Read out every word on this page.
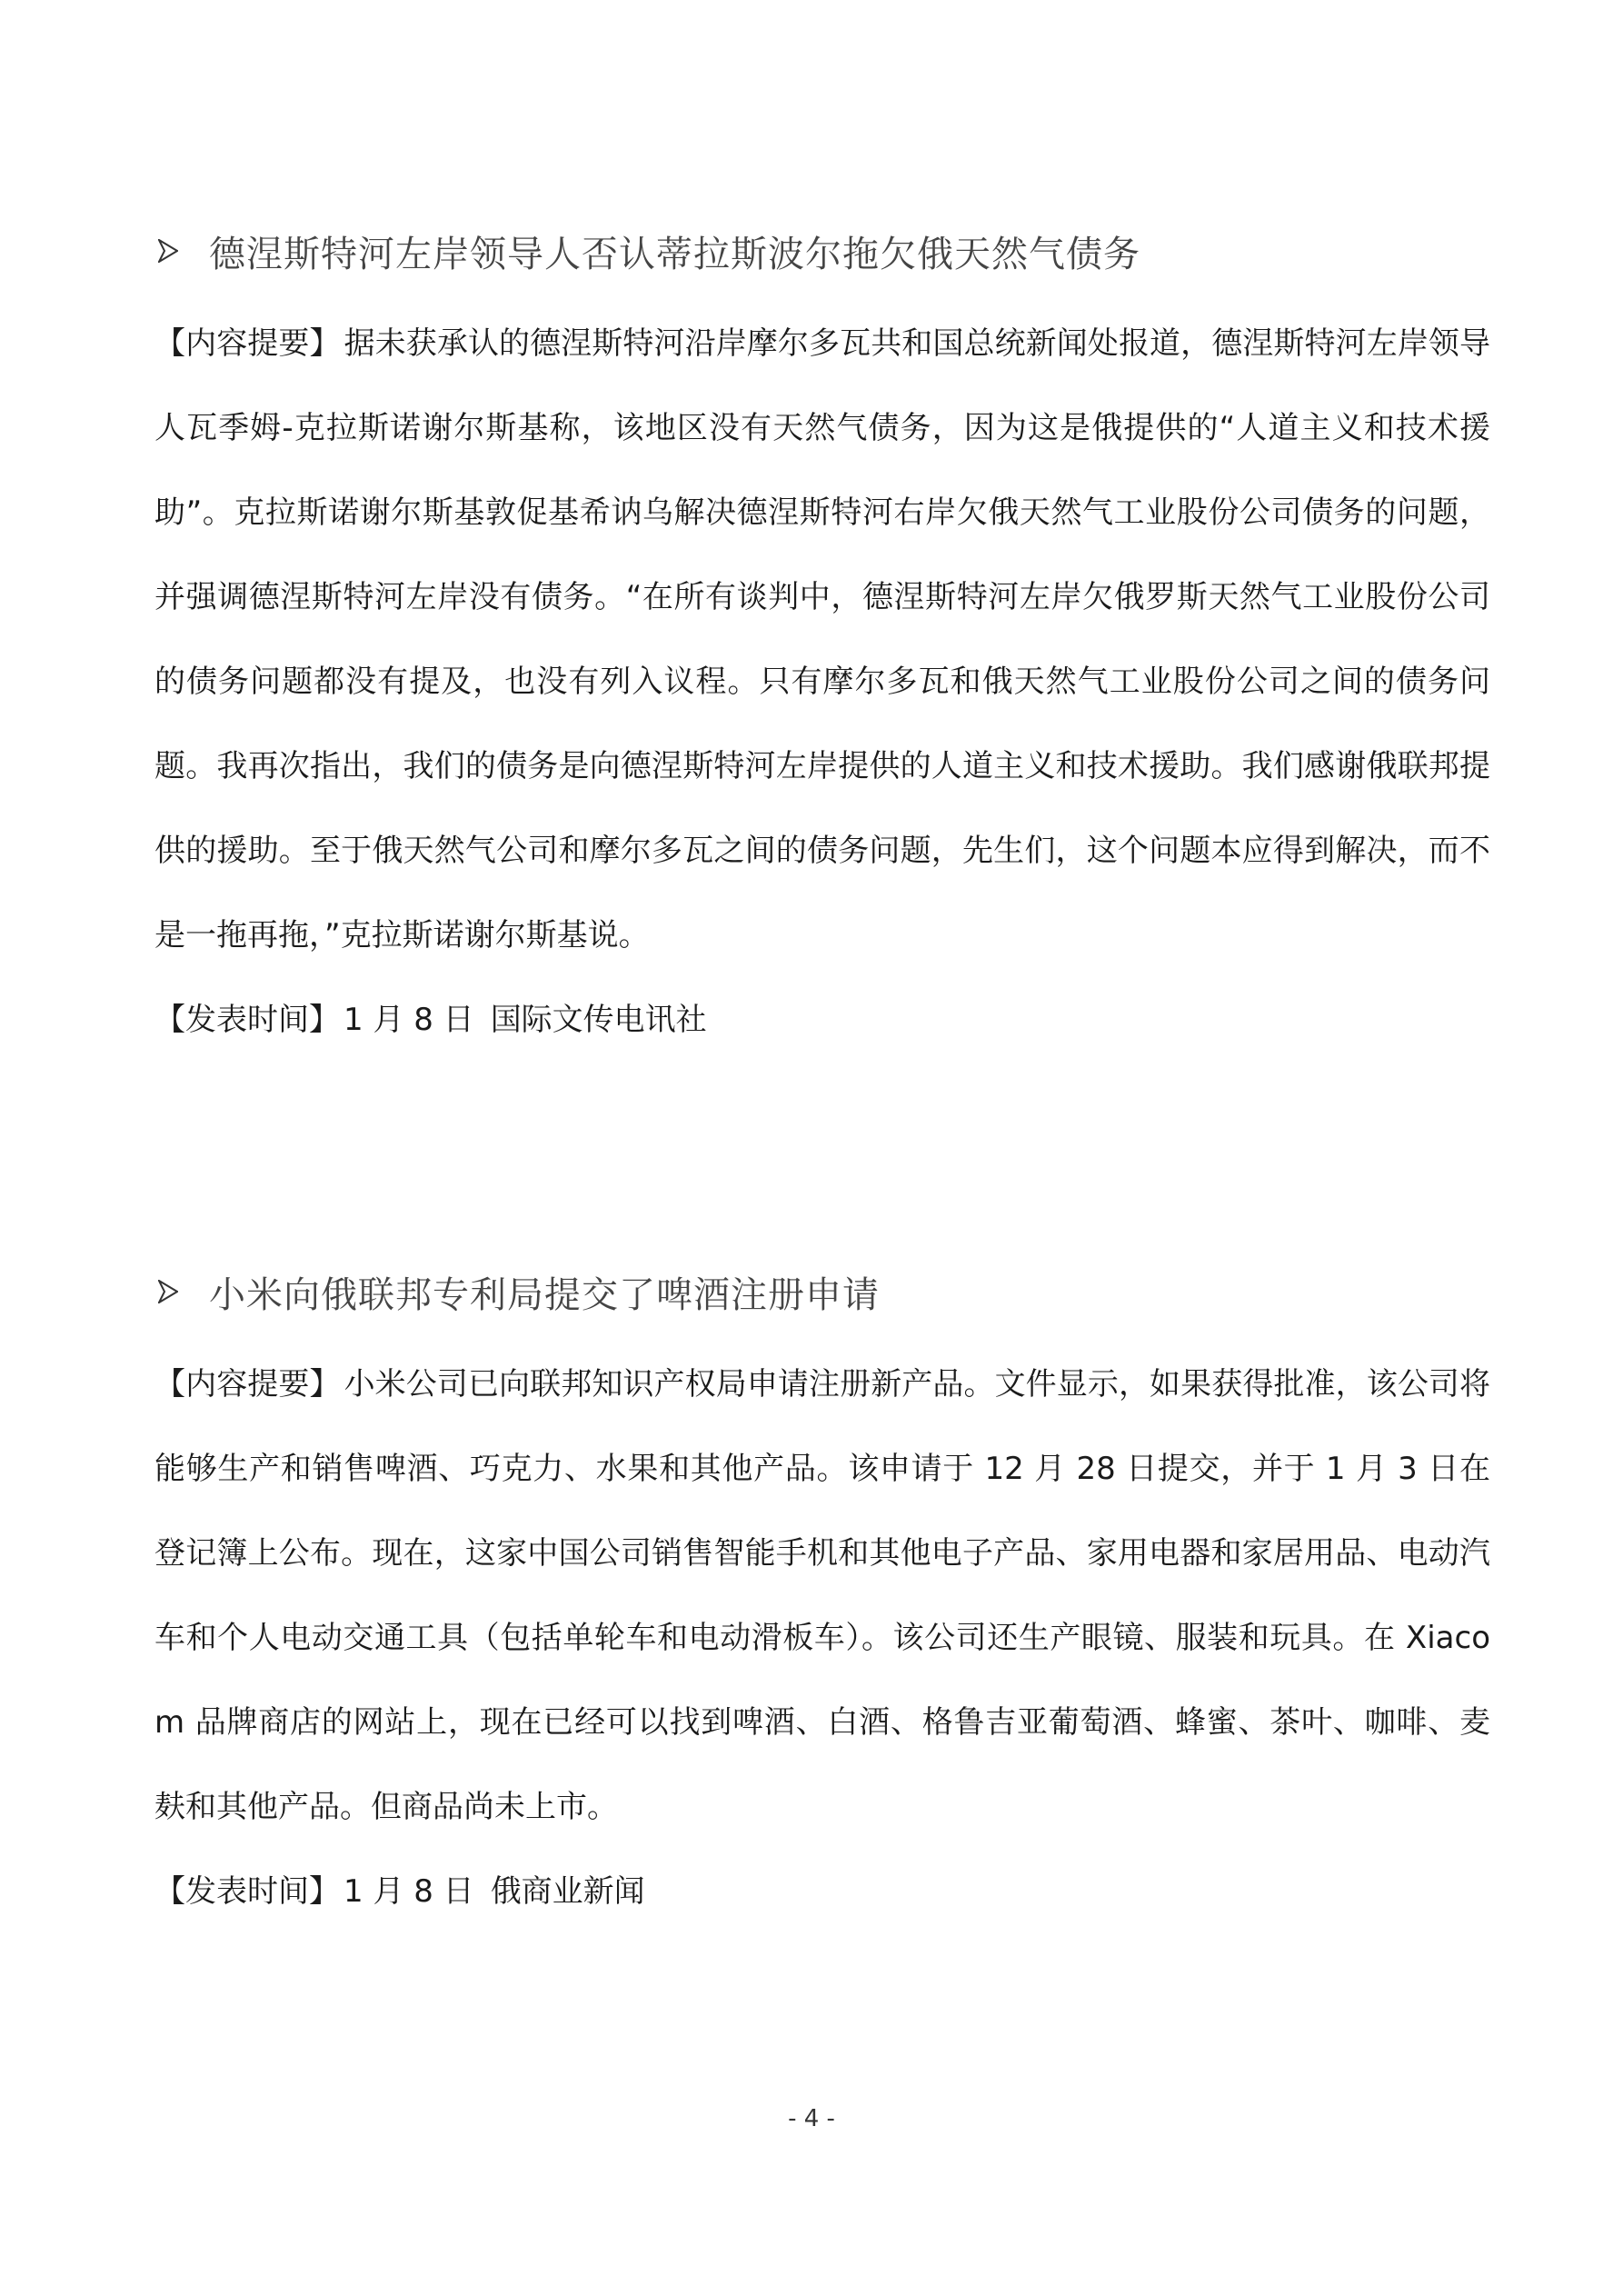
德涅斯特河左岸领导人否认蒂拉斯波尔拖欠俄天然气债务

【内容提要】 据未获承认的德涅斯特河沿岸摩尔多瓦共和国总统新闻处报道，德涅斯特河左岸领导人瓦季姆-克拉斯诺谢尔斯基称，该地区没有天然气债务，因为这是俄提供的“人道主义和技术援助”。克拉斯诺谢尔斯基敦促基希讷乌解决德涅斯特河右岸欠俄天然气工业股份公司债务的问题，并强调德涅斯特河左岸没有债务。“在所有谈判中，德涅斯特河左岸欠俄罗斯天然气工业股份公司的债务问题都没有提及，也没有列入议程。只有摩尔多瓦和俄天然气工业股份公司之间的债务问题。我再次指出，我们的债务是向德涅斯特河左岸提供的人道主义和技术援助。我们感谢俄联邦提供的援助。至于俄天然气公司和摩尔多瓦之间的债务问题，先生们，这个问题本应得到解决，而不是一拖再拖，”克拉斯诺谢尔斯基说。

【发表时间】 1 月 8 日 国际文传电讯社

小米向俄联邦专利局提交了啤酒注册申请

【内容提要】 小米公司已向联邦知识产权局申请注册新产品。文件显示，如果获得批准，该公司将能够生产和销售啤酒、巧克力、水果和其他产品。该申请于 12 月 28 日提交，并于 1 月 3 日在登记簿上公布。现在，这家中国公司销售智能手机和其他电子产品、家用电器和家居用品、电动汽车和个人电动交通工具（包括单轮车和电动滑板车）。该公司还生产眼镜、服装和玩具。在 Xiacom 品牌商店的网站上，现在已经可以找到啤酒、白酒、格鲁吉亚葡萄酒、蜂蜜、茶叶、咖啡、麦麸和其他产品。但商品尚未上市。

【发表时间】 1 月 8 日 俄商业新闻

- 4 -
